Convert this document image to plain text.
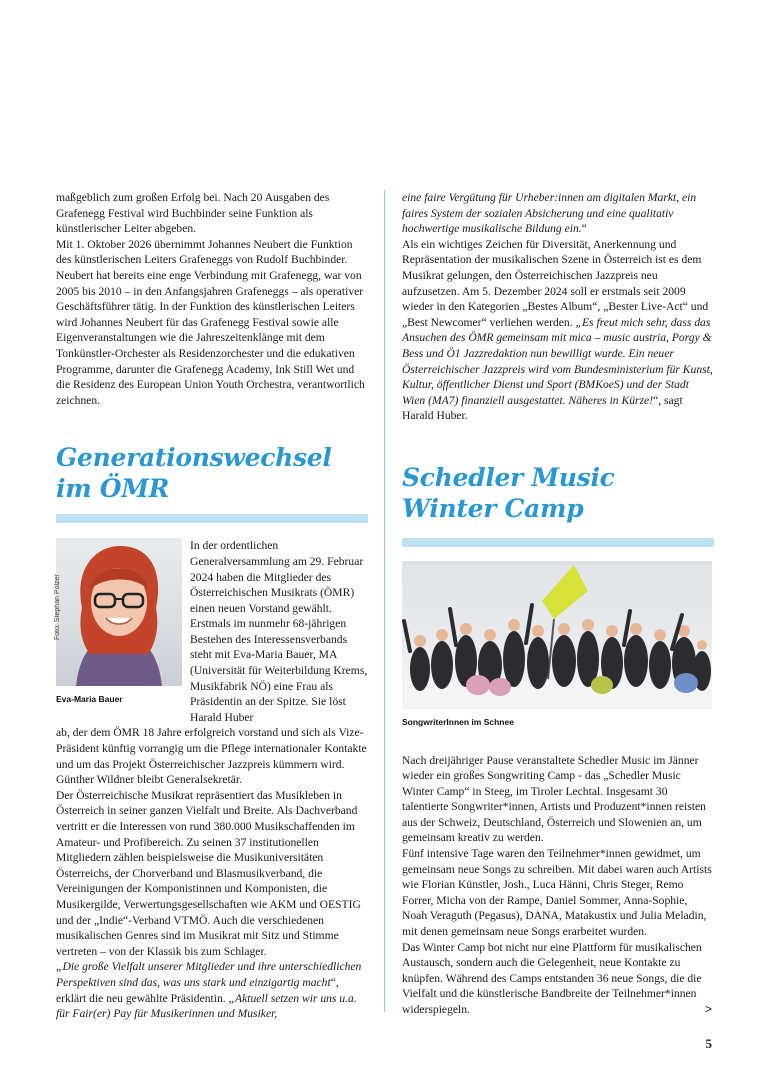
maßgeblich zum großen Erfolg bei. Nach 20 Ausgaben des Grafenegg Festival wird Buchbinder seine Funktion als künstlerischer Leiter abgeben.

Mit 1. Oktober 2026 übernimmt Johannes Neubert die Funktion des künstlerischen Leiters Grafeneggs von Rudolf Buchbinder. Neubert hat bereits eine enge Verbindung mit Grafenegg, war von 2005 bis 2010 – in den Anfangsjahren Grafeneggs – als operativer Geschäftsführer tätig. In der Funktion des künstlerischen Leiters wird Johannes Neubert für das Grafenegg Festival sowie alle Eigenveranstaltungen wie die Jahreszeitenklänge mit dem Tonkünstler-Orchester als Residenzorchester und die edukativen Programme, darunter die Grafenegg Academy, Ink Still Wet und die Residenz des European Union Youth Orchestra, verantwortlich zeichnen.

Generationswechsel im ÖMR

In der ordentlichen Generalversammlung am 29. Februar 2024 haben die Mitglieder des Österreichischen Musikrats (ÖMR) einen neuen Vorstand gewählt. Erstmals im nunmehr 68-jährigen Bestehen des Interessensverbands steht mit Eva-Maria Bauer, MA (Universität für Weiterbildung Krems, Musikfabrik NÖ) eine Frau als Präsidentin an der Spitze. Sie löst Harald Huber

ab, der dem ÖMR 18 Jahre erfolgreich vorstand und sich als Vize-Präsident künftig vorrangig um die Pflege internationaler Kontakte und um das Projekt Österreichischer Jazzpreis kümmern wird. Günther Wildner bleibt Generalsekretär.

Der Österreichische Musikrat repräsentiert das Musikleben in Österreich in seiner ganzen Vielfalt und Breite. Als Dachverband vertritt er die Interessen von rund 380.000 Musikschaffenden im Amateur- und Profibereich. Zu seinen 37 institutionellen Mitgliedern zählen beispielsweise die Musikuniversitäten Österreichs, der Chorverband und Blasmusikverband, die Vereinigungen der Komponistinnen und Komponisten, die Musikergilde, Verwertungsgesellschaften wie AKM und OESTIG und der „Indie“-Verband VTMÖ. Auch die verschiedenen musikalischen Genres sind im Musikrat mit Sitz und Stimme vertreten – von der Klassik bis zum Schlager.

„Die große Vielfalt unserer Mitglieder und ihre unterschiedlichen Perspektiven sind das, was uns stark und einzigartig macht“, erklärt die neu gewählte Präsidentin. „Aktuell setzen wir uns u.a. für Fair(er) Pay für Musikerinnen und Musiker,

Foto: Stephan Polzer
Eva-Maria Bauer

eine faire Vergütung für Urheber:innen am digitalen Markt, ein faires System der sozialen Absicherung und eine qualitativ hochwertige musikalische Bildung ein.“

Als ein wichtiges Zeichen für Diversität, Anerkennung und Repräsentation der musikalischen Szene in Österreich ist es dem Musikrat gelungen, den Österreichischen Jazzpreis neu aufzusetzen. Am 5. Dezember 2024 soll er erstmals seit 2009 wieder in den Kategorien „Bestes Album“, „Bester Live-Act“ und „Best Newcomer“ verliehen werden. „Es freut mich sehr, dass das Ansuchen des ÖMR gemeinsam mit mica – music austria, Porgy & Bess und Ö1 Jazzredaktion nun bewilligt wurde. Ein neuer Österreichischer Jazzpreis wird vom Bundesministerium für Kunst, Kultur, öffentlicher Dienst und Sport (BMKoeS) und der Stadt Wien (MA7) finanziell ausgestattet. Näheres in Kürze!“, sagt Harald Huber.

Schedler Music Winter Camp
SongwriterInnen im Schnee

Nach dreijähriger Pause veranstaltete Schedler Music im Jänner wieder ein großes Songwriting Camp - das „Schedler Music Winter Camp“ in Steeg, im Tiroler Lechtal. Insgesamt 30 talentierte Songwriter*innen, Artists und Produzent*innen reisten aus der Schweiz, Deutschland, Österreich und Slowenien an, um gemeinsam kreativ zu werden.

Fünf intensive Tage waren den Teilnehmer*innen gewidmet, um gemeinsam neue Songs zu schreiben. Mit dabei waren auch Artists wie Florian Künstler, Josh., Luca Hänni, Chris Steger, Remo Forrer, Micha von der Rampe, Daniel Sommer, Anna-Sophie, Noah Veraguth (Pegasus), DANA, Matakustix und Julia Meladin, mit denen gemeinsam neue Songs erarbeitet wurden.

Das Winter Camp bot nicht nur eine Plattform für musikalischen Austausch, sondern auch die Gelegenheit, neue Kontakte zu knüpfen. Während des Camps entstanden 36 neue Songs, die die Vielfalt und die künstlerische Bandbreite der Teilnehmer*innen widerspiegeln.	>
5
